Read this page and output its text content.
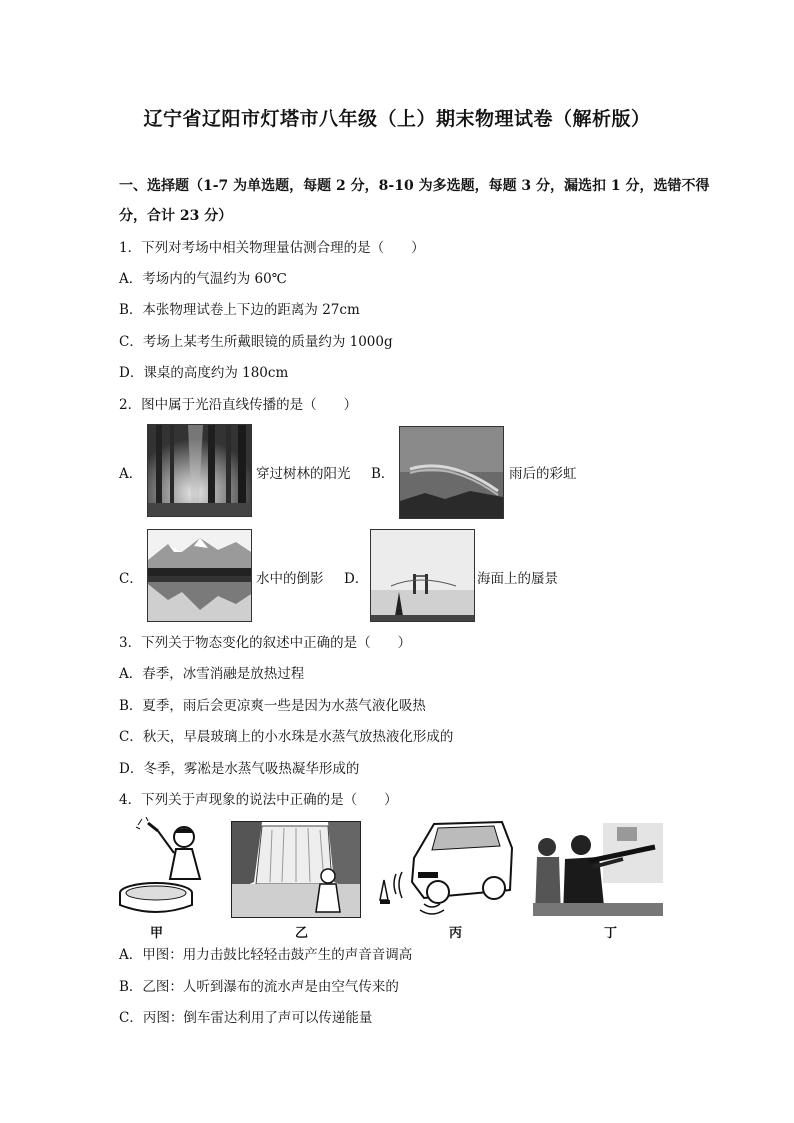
辽宁省辽阳市灯塔市八年级（上）期末物理试卷（解析版）
一、选择题（1-7 为单选题，每题 2 分，8-10 为多选题，每题 3 分，漏选扣 1 分，选错不得
分，合计 23 分）
1．下列对考场中相关物理量估测合理的是（　　）
A．考场内的气温约为 60℃
B．本张物理试卷上下边的距离为 27cm
C．考场上某考生所戴眼镜的质量约为 1000g
D．课桌的高度约为 180cm
2．图中属于光沿直线传播的是（　　）
A．	穿过树林的阳光 B．	雨后的彩虹
C．	水中的倒影 D．	海面上的蜃景
3．下列关于物态变化的叙述中正确的是（　　）
A．春季，冰雪消融是放热过程
B．夏季，雨后会更凉爽一些是因为水蒸气液化吸热
C．秋天，早晨玻璃上的小水珠是水蒸气放热液化形成的
D．冬季，雾凇是水蒸气吸热凝华形成的
4．下列关于声现象的说法中正确的是（　　）
甲	乙	丙	丁
A．甲图：用力击鼓比轻轻击鼓产生的声音音调高
B．乙图：人听到瀑布的流水声是由空气传来的
C．丙图：倒车雷达利用了声可以传递能量
